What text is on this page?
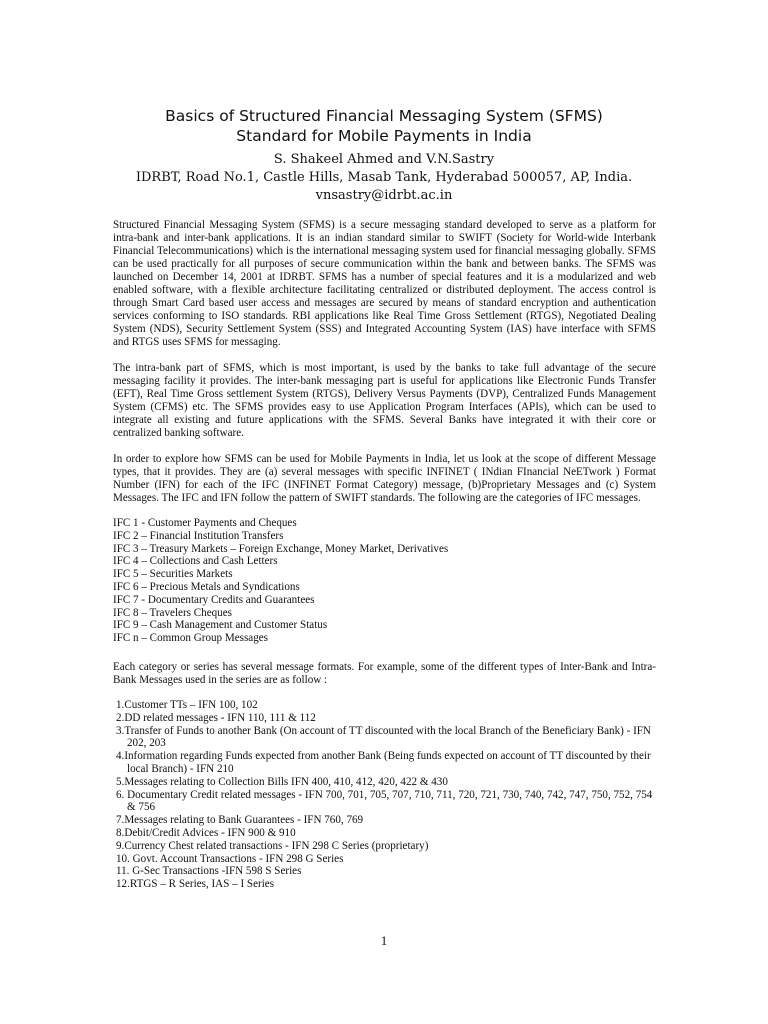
Basics of Structured Financial Messaging System (SFMS)
Standard for Mobile Payments in India
S. Shakeel Ahmed and V.N.Sastry
IDRBT, Road No.1, Castle Hills, Masab Tank, Hyderabad 500057, AP, India.
vnsastry@idrbt.ac.in

Structured Financial Messaging System (SFMS) is a secure messaging standard developed to serve as a platform for intra-bank and inter-bank applications. It is an indian standard similar to SWIFT (Society for World-wide Interbank Financial Telecommunications) which is the international messaging system used for financial messaging globally. SFMS can be used practically for all purposes of secure communication within the bank and between banks. The SFMS was launched on December 14, 2001 at IDRBT. SFMS has a number of special features and it is a modularized and web enabled software, with a flexible architecture facilitating centralized or distributed deployment. The access control is through Smart Card based user access and messages are secured by means of standard encryption and authentication services conforming to ISO standards. RBI applications like Real Time Gross Settlement (RTGS), Negotiated Dealing System (NDS), Security Settlement System (SSS) and Integrated Accounting System (IAS) have interface with SFMS and RTGS uses SFMS for messaging.

The intra-bank part of SFMS, which is most important, is used by the banks to take full advantage of the secure messaging facility it provides. The inter-bank messaging part is useful for applications like Electronic Funds Transfer (EFT), Real Time Gross settlement System (RTGS), Delivery Versus Payments (DVP), Centralized Funds Management System (CFMS) etc. The SFMS provides easy to use Application Program Interfaces (APIs), which can be used to integrate all existing and future applications with the SFMS. Several Banks have integrated it with their core or centralized banking software.

In order to explore how SFMS can be used for Mobile Payments in India, let us look at the scope of different Message types, that it provides. They are (a) several messages with specific INFINET ( INdian FInancial NeETwork ) Format Number (IFN) for each of the IFC (INFINET Format Category) message, (b)Proprietary Messages and (c) System Messages. The IFC and IFN follow the pattern of SWIFT standards. The following are the categories of IFC messages.

IFC 1 - Customer Payments and Cheques
IFC 2 – Financial Institution Transfers
IFC 3 – Treasury Markets – Foreign Exchange, Money Market, Derivatives
IFC 4 – Collections and Cash Letters
IFC 5 – Securities Markets
IFC 6 – Precious Metals and Syndications
IFC 7 - Documentary Credits and Guarantees
IFC 8 – Travelers Cheques
IFC 9 – Cash Management and Customer Status
IFC n – Common Group Messages

Each category or series has several message formats. For example, some of the different types of Inter-Bank and Intra-Bank Messages used in the series are as follow :

1.Customer TTs – IFN 100, 102
2.DD related messages - IFN 110, 111 & 112
3.Transfer of Funds to another Bank (On account of TT discounted with the local Branch of the Beneficiary Bank) - IFN 202, 203
4.Information regarding Funds expected from another Bank (Being funds expected on account of TT discounted by their local Branch) - IFN 210
5.Messages relating to Collection Bills IFN 400, 410, 412, 420, 422 & 430
6. Documentary Credit related messages - IFN 700, 701, 705, 707, 710, 711, 720, 721, 730, 740, 742, 747, 750, 752, 754 & 756
7.Messages relating to Bank Guarantees - IFN 760, 769
8.Debit/Credit Advices - IFN 900 & 910
9.Currency Chest related transactions - IFN 298 C Series (proprietary)
10. Govt. Account Transactions - IFN 298 G Series
11. G-Sec Transactions -IFN 598 S Series
12.RTGS – R Series, IAS – I Series
1
